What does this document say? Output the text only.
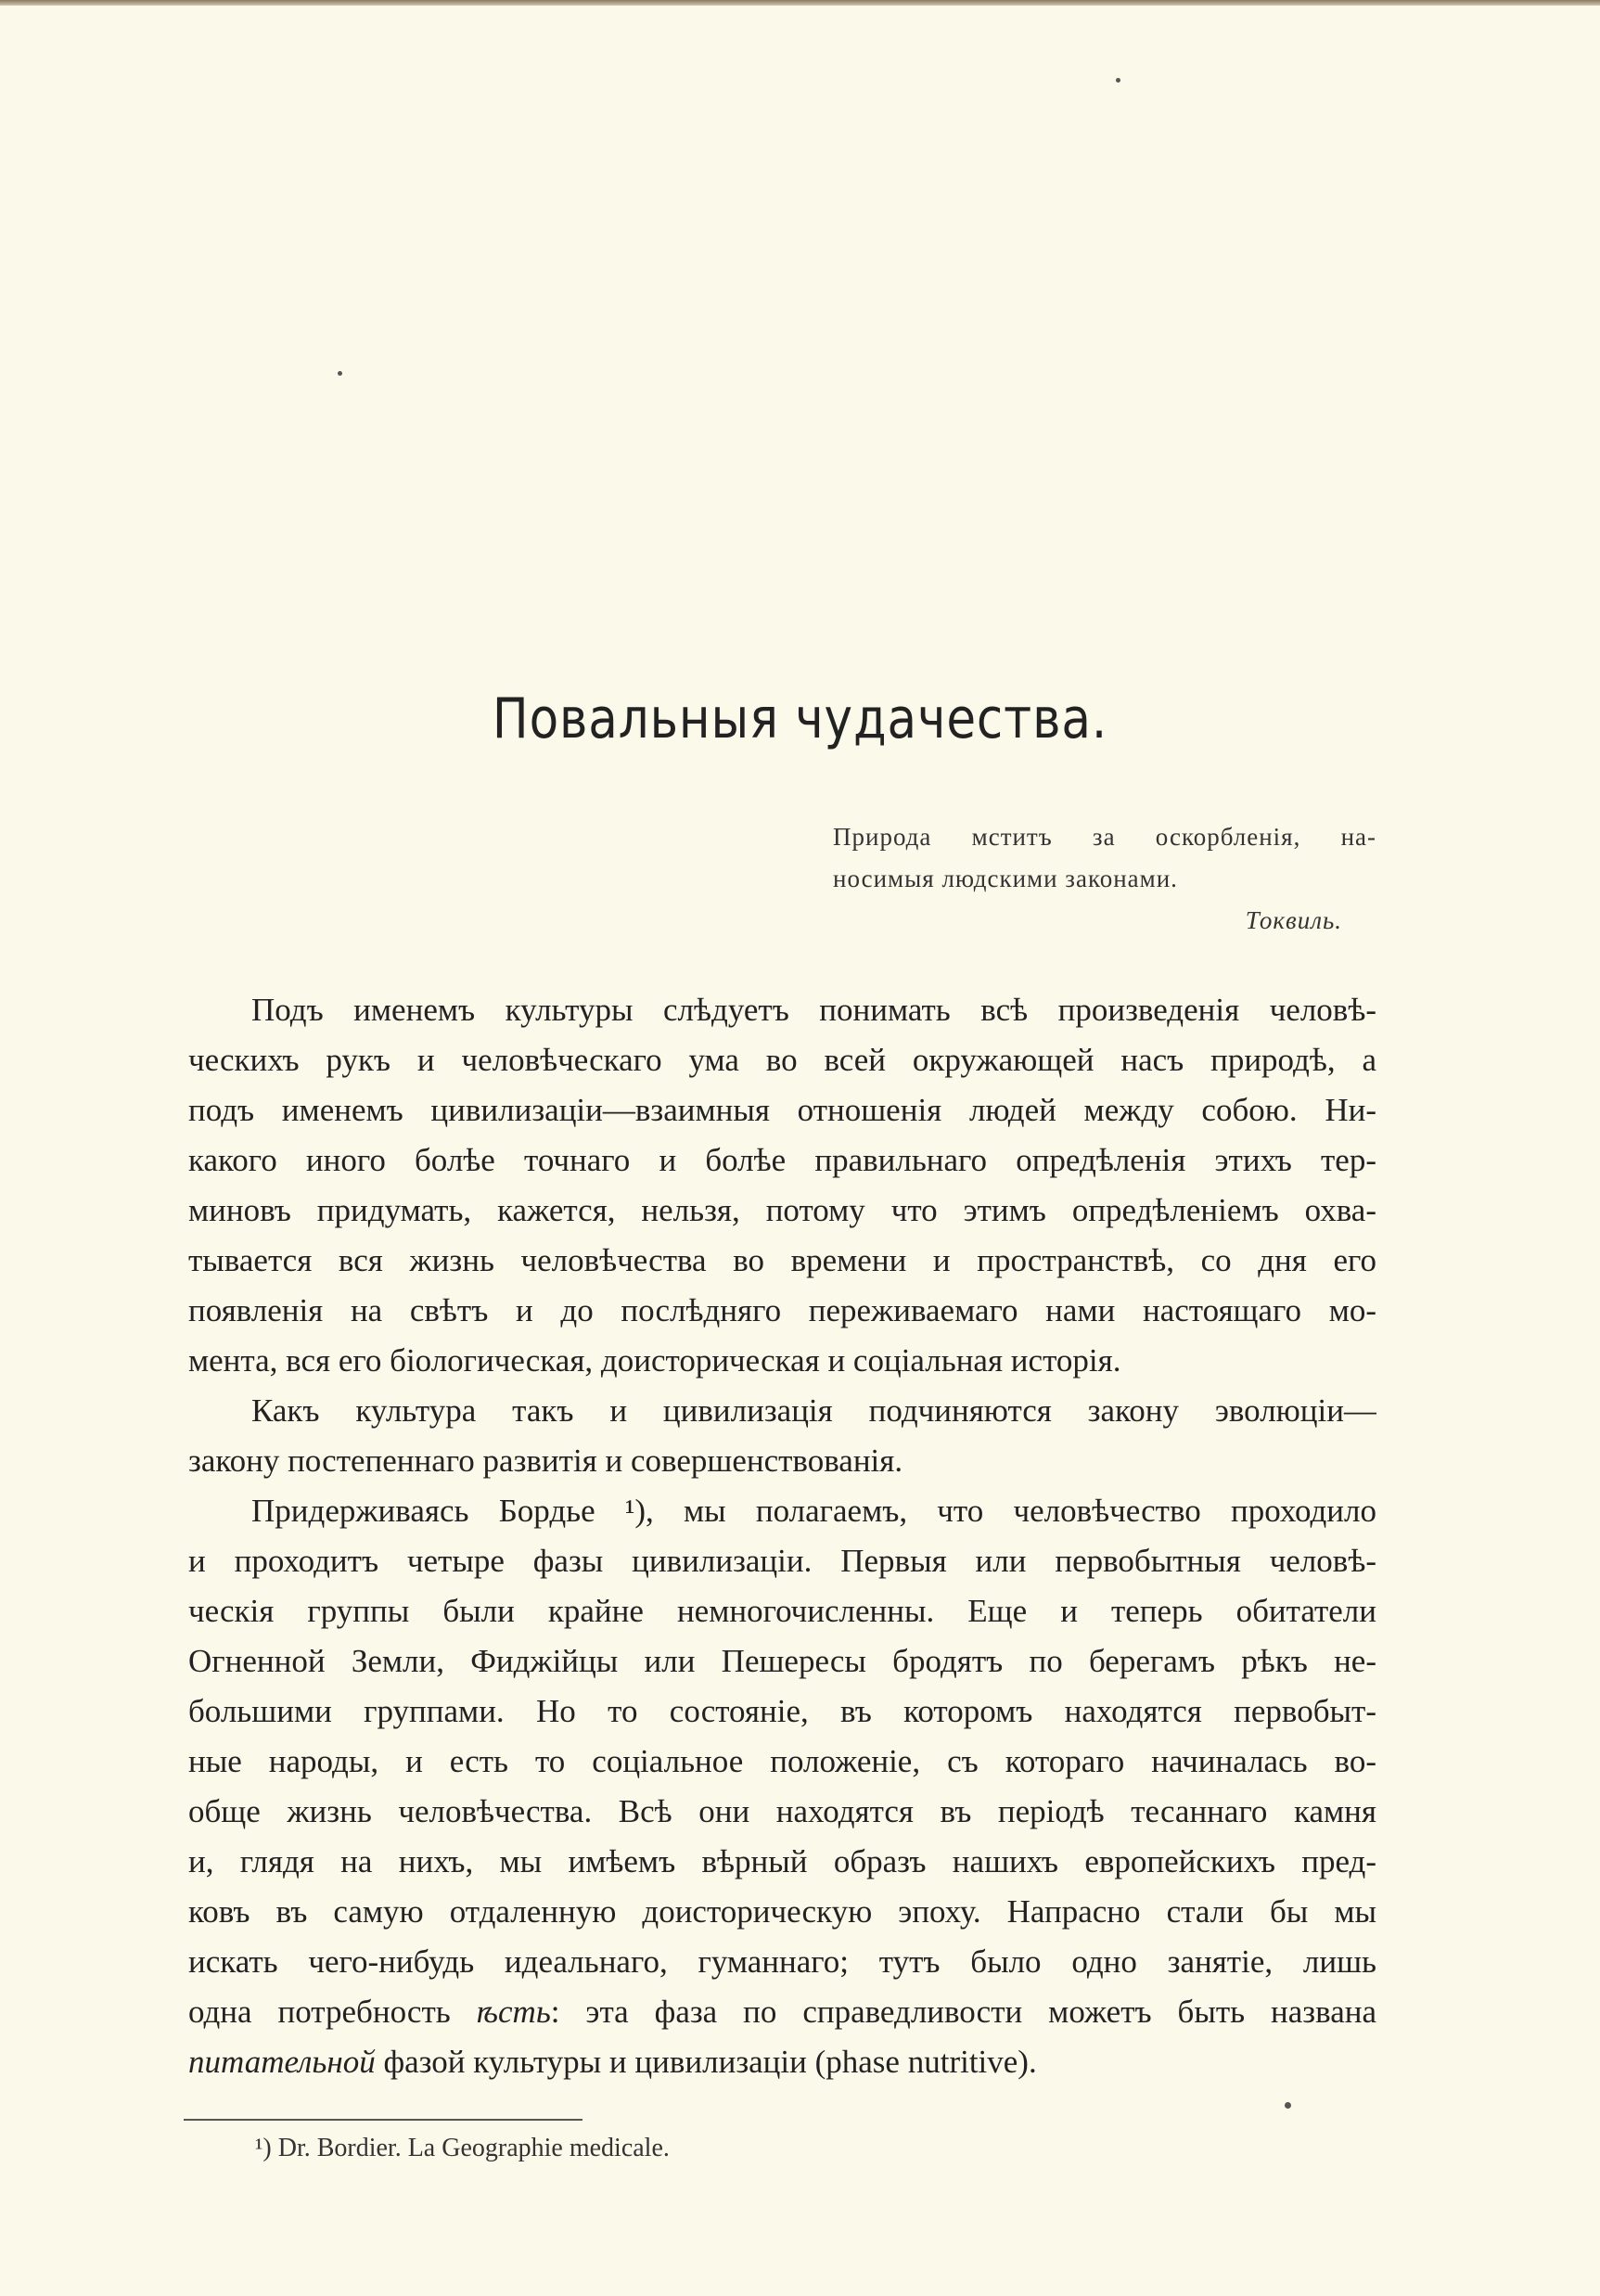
Повальныя чудачества.
Природа мститъ за оскорбленія, на-
носимыя людскими законами.
Токвиль.
Подъ именемъ культуры слѣдуетъ понимать всѣ произведенія человѣ-
ческихъ рукъ и человѣческаго ума во всей окружающей насъ природѣ, а
подъ именемъ цивилизаціи—взаимныя отношенія людей между собою. Ни-
какого иного болѣе точнаго и болѣе правильнаго опредѣленія этихъ тер-
миновъ придумать, кажется, нельзя, потому что этимъ опредѣленіемъ охва-
тывается вся жизнь человѣчества во времени и пространствѣ, со дня его
появленія на свѣтъ и до послѣдняго переживаемаго нами настоящаго мо-
мента, вся его біологическая, доисторическая и соціальная исторія.
Какъ культура такъ и цивилизація подчиняются закону эволюціи—
закону постепеннаго развитія и совершенствованія.
Придерживаясь Бордье ¹), мы полагаемъ, что человѣчество проходило
и проходитъ четыре фазы цивилизаціи. Первыя или первобытныя человѣ-
ческія группы были крайне немногочисленны. Еще и теперь обитатели
Огненной Земли, Фиджійцы или Пешересы бродятъ по берегамъ рѣкъ не-
большими группами. Но то состояніе, въ которомъ находятся первобыт-
ные народы, и есть то соціальное положеніе, съ котораго начиналась во-
обще жизнь человѣчества. Всѣ они находятся въ періодѣ тесаннаго камня
и, глядя на нихъ, мы имѣемъ вѣрный образъ нашихъ европейскихъ пред-
ковъ въ самую отдаленную доисторическую эпоху. Напрасно стали бы мы
искать чего-нибудь идеальнаго, гуманнаго; тутъ было одно занятіе, лишь
одна потребность ѣсть: эта фаза по справедливости можетъ быть названа
питательной фазой культуры и цивилизаціи (phase nutritive).
¹) Dr. Bordier. La Geographie medicale.
